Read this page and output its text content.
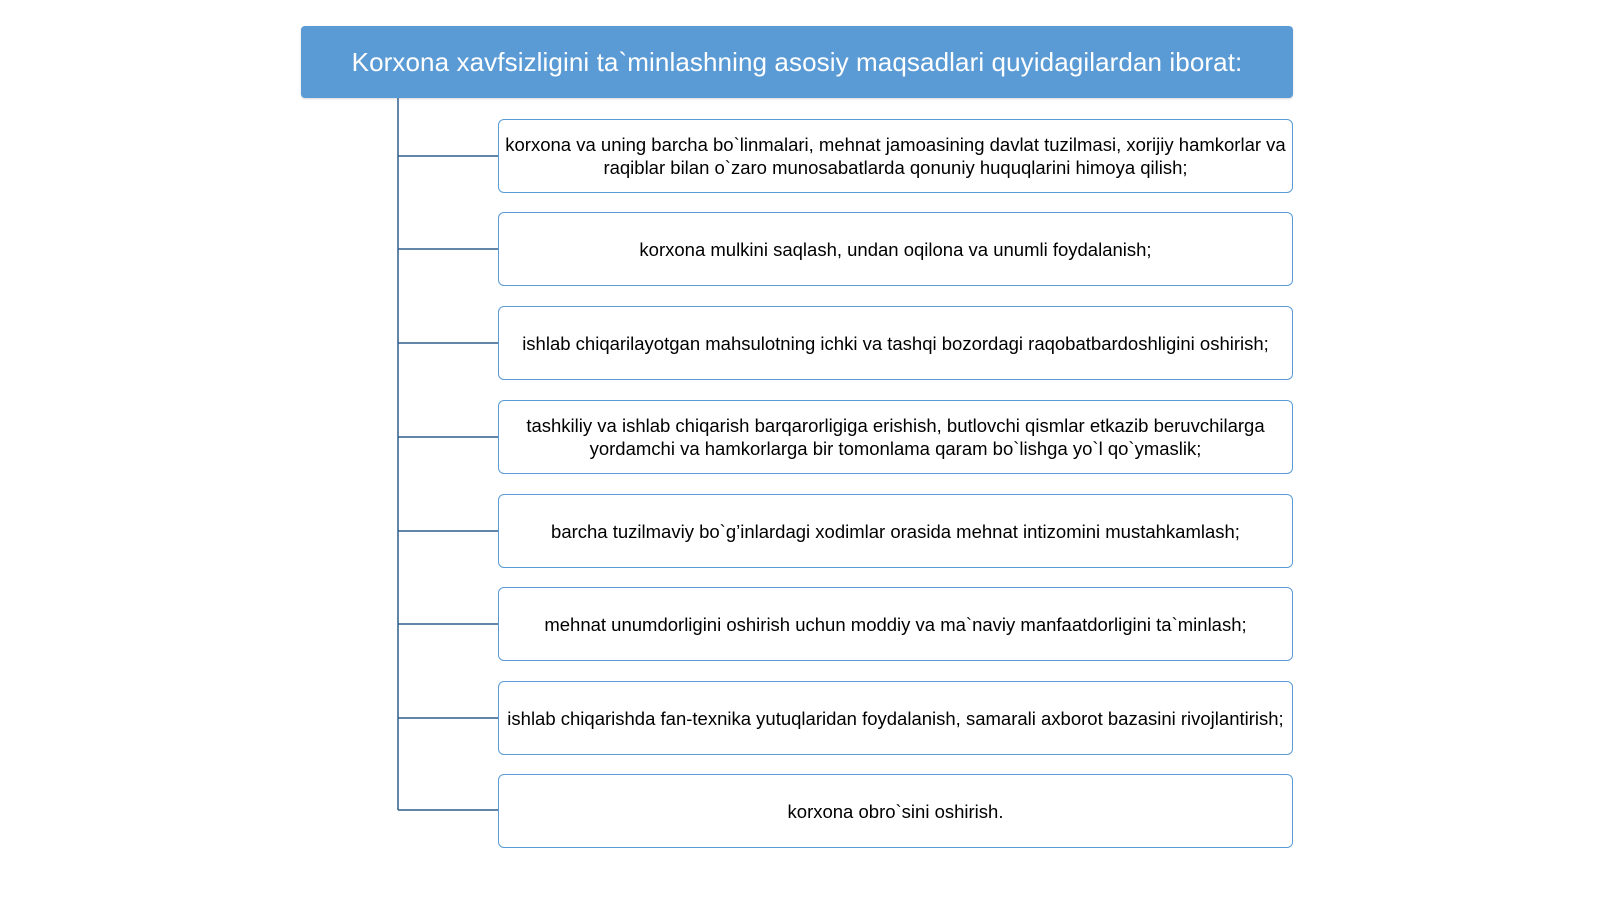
Korxona xavfsizligini ta`minlashning asosiy maqsadlari quyidagilardan iborat:
korxona va uning barcha bo`linmalari, mehnat jamoasining davlat tuzilmasi, xorijiy hamkorlar va raqiblar bilan o`zaro munosabatlarda qonuniy huquqlarini himoya qilish;
korxona mulkini saqlash, undan oqilona va unumli foydalanish;
ishlab chiqarilayotgan mahsulotning ichki va tashqi bozordagi raqobatbardoshligini oshirish;
tashkiliy va ishlab chiqarish barqarorligiga erishish, butlovchi qismlar etkazib beruvchilarga yordamchi va hamkorlarga bir tomonlama qaram bo`lishga yo`l qo`ymaslik;
barcha tuzilmaviy bo`g’inlardagi xodimlar orasida mehnat intizomini mustahkamlash;
mehnat unumdorligini oshirish uchun moddiy va ma`naviy manfaatdorligini ta`minlash;
ishlab chiqarishda fan-texnika yutuqlaridan foydalanish, samarali axborot bazasini rivojlantirish;
korxona obro`sini oshirish.
